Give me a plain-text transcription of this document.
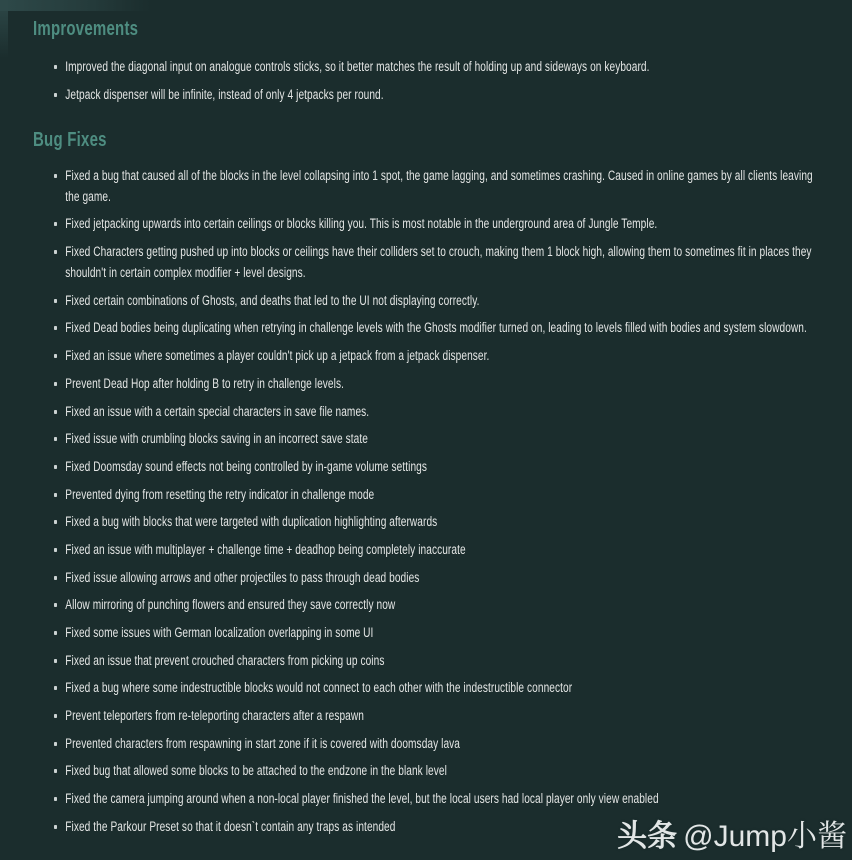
Improvements
Improved the diagonal input on analogue controls sticks, so it better matches the result of holding up and sideways on keyboard.
Jetpack dispenser will be infinite, instead of only 4 jetpacks per round.
Bug Fixes
Fixed a bug that caused all of the blocks in the level collapsing into 1 spot, the game lagging, and sometimes crashing. Caused in online games by all clients leaving the game.
Fixed jetpacking upwards into certain ceilings or blocks killing you. This is most notable in the underground area of Jungle Temple.
Fixed Characters getting pushed up into blocks or ceilings have their colliders set to crouch, making them 1 block high, allowing them to sometimes fit in places they shouldn't in certain complex modifier + level designs.
Fixed certain combinations of Ghosts, and deaths that led to the UI not displaying correctly.
Fixed Dead bodies being duplicating when retrying in challenge levels with the Ghosts modifier turned on, leading to levels filled with bodies and system slowdown.
Fixed an issue where sometimes a player couldn't pick up a jetpack from a jetpack dispenser.
Prevent Dead Hop after holding B to retry in challenge levels.
Fixed an issue with a certain special characters in save file names.
Fixed issue with crumbling blocks saving in an incorrect save state
Fixed Doomsday sound effects not being controlled by in-game volume settings
Prevented dying from resetting the retry indicator in challenge mode
Fixed a bug with blocks that were targeted with duplication highlighting afterwards
Fixed an issue with multiplayer + challenge time + deadhop being completely inaccurate
Fixed issue allowing arrows and other projectiles to pass through dead bodies
Allow mirroring of punching flowers and ensured they save correctly now
Fixed some issues with German localization overlapping in some UI
Fixed an issue that prevent crouched characters from picking up coins
Fixed a bug where some indestructible blocks would not connect to each other with the indestructible connector
Prevent teleporters from re-teleporting characters after a respawn
Prevented characters from respawning in start zone if it is covered with doomsday lava
Fixed bug that allowed some blocks to be attached to the endzone in the blank level
Fixed the camera jumping around when a non-local player finished the level, but the local users had local player only view enabled
Fixed the Parkour Preset so that it doesn`t contain any traps as intended	头条 @Jump小酱
